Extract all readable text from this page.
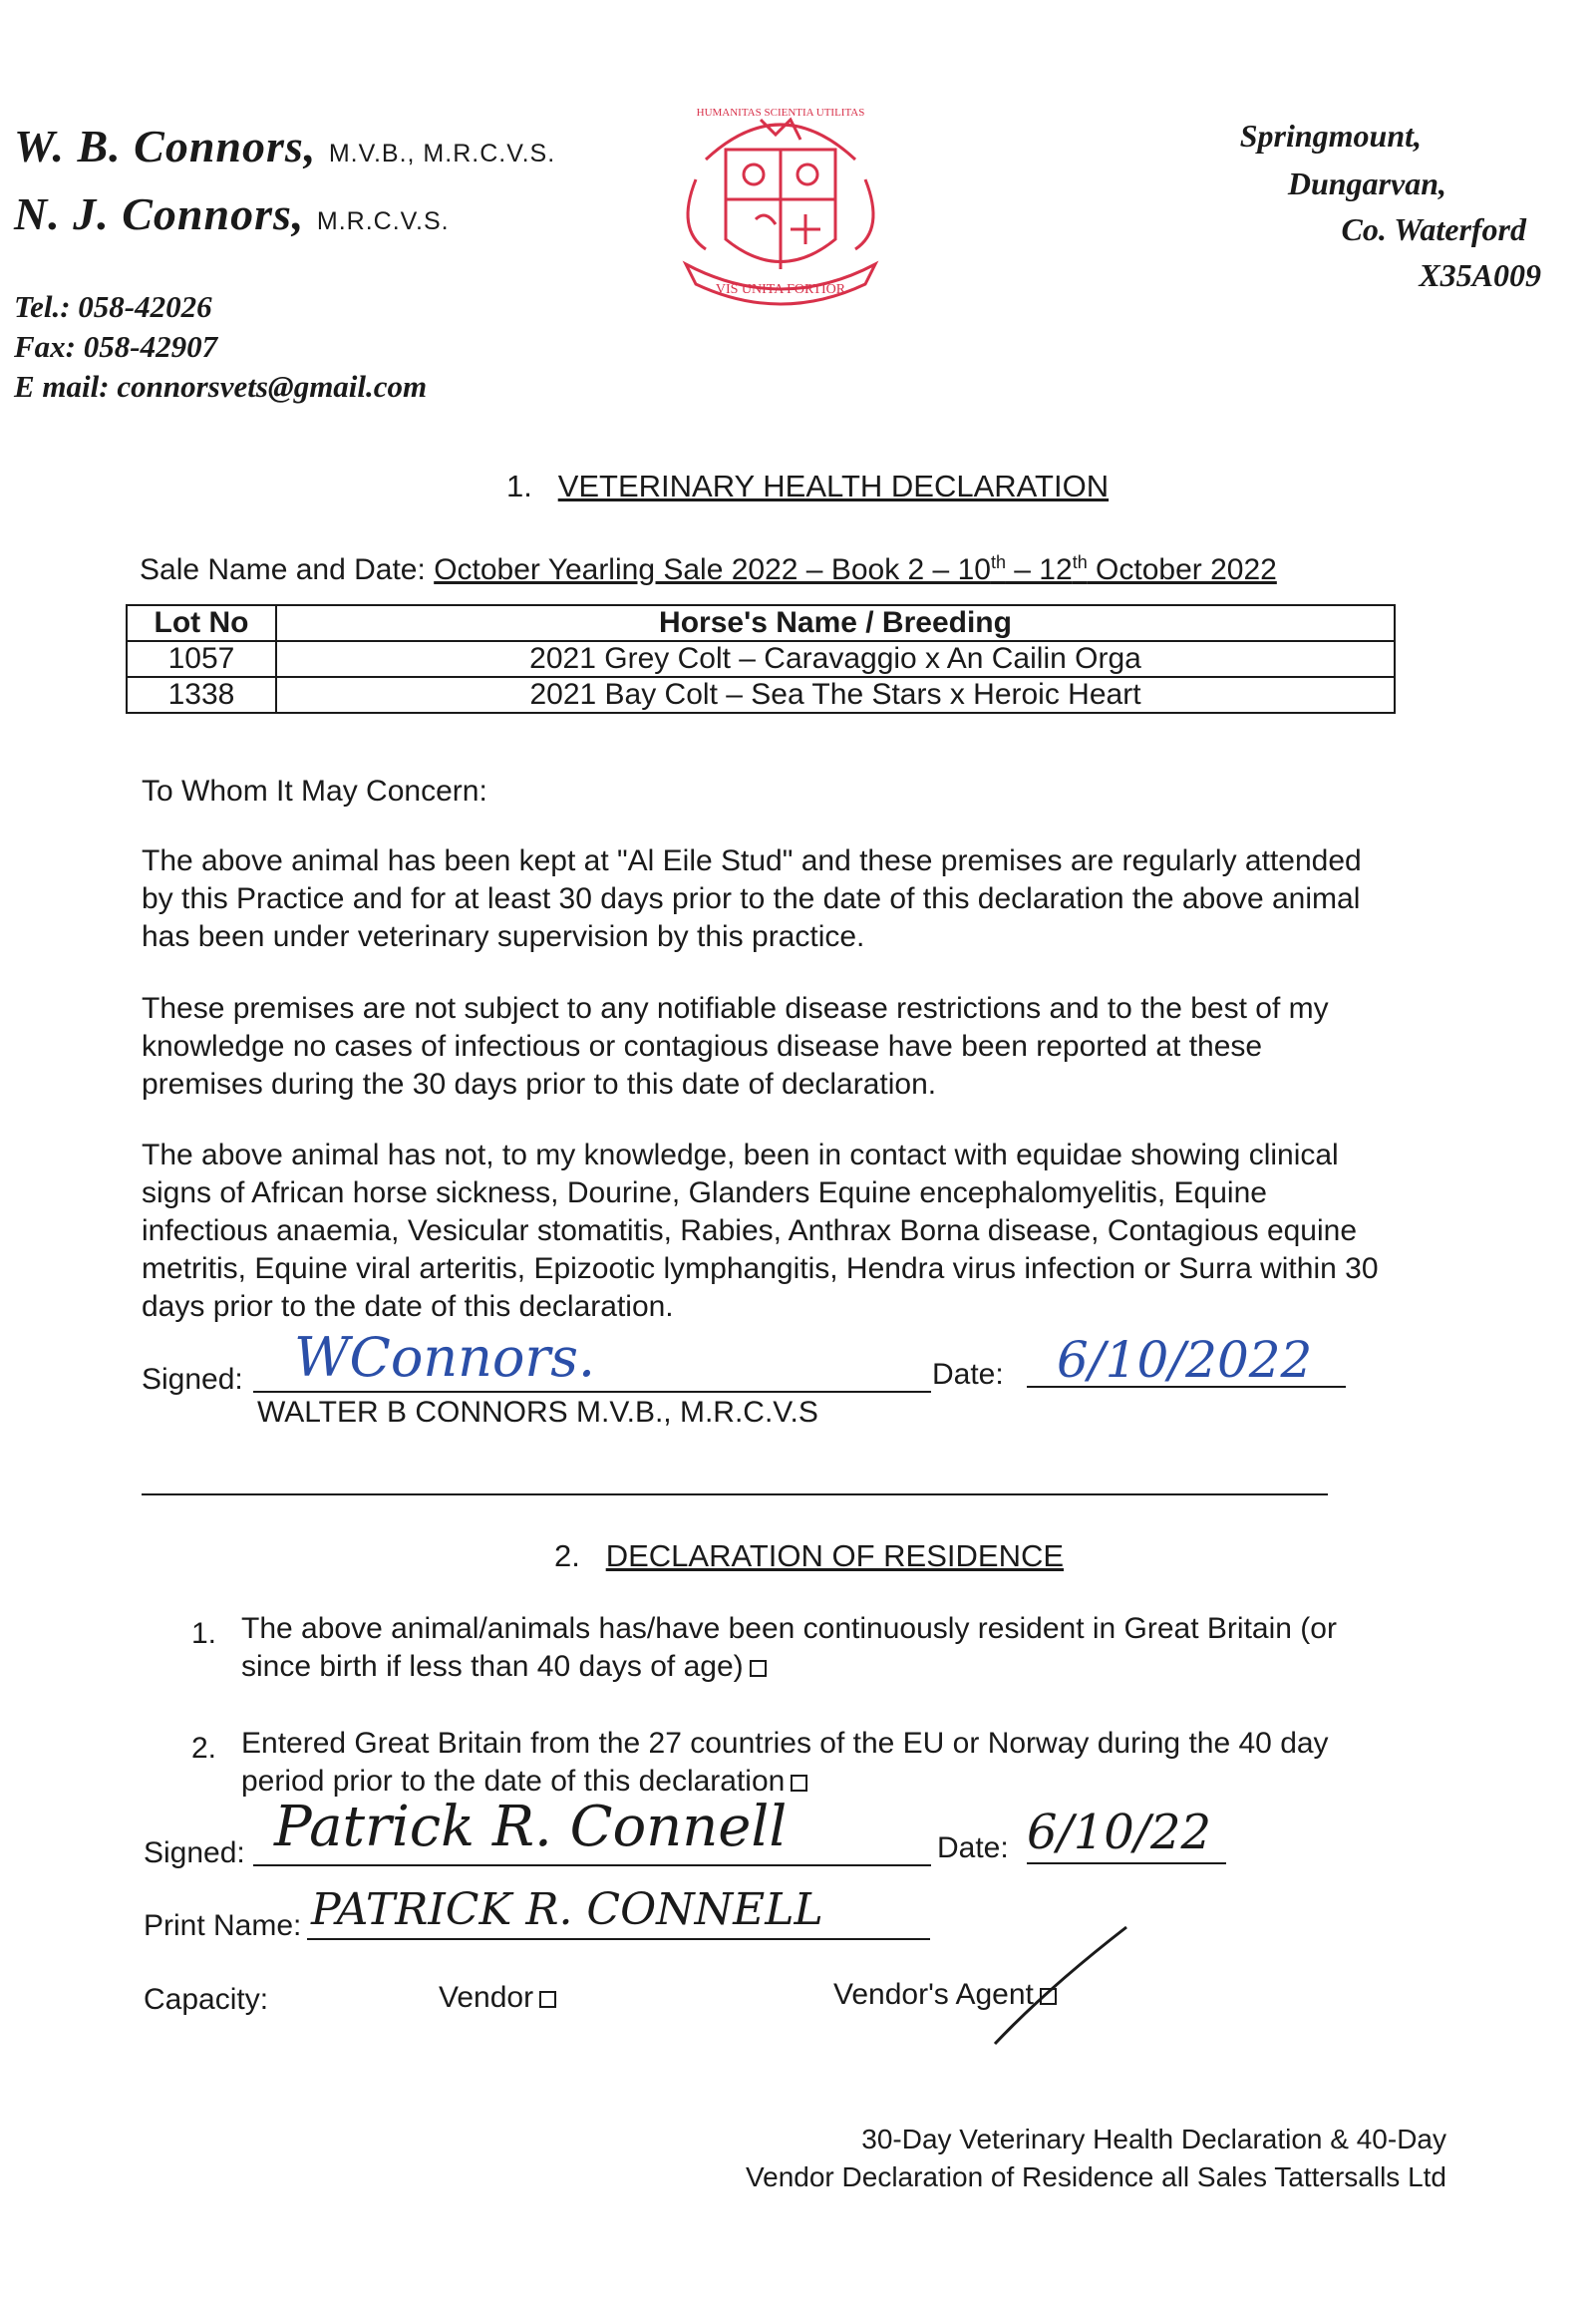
W. B. Connors, M.V.B., M.R.C.V.S.
N. J. Connors, M.R.C.V.S.
Tel.: 058-42026
Fax: 058-42907
E mail: connorsvets@gmail.com
VIS UNITA FORTIOR
HUMANITAS SCIENTIA UTILITAS
Springmount,
Dungarvan,
Co. Waterford
X35A009
1. VETERINARY HEALTH DECLARATION
Sale Name and Date: October Yearling Sale 2022 – Book 2 – 10th – 12th October 2022
Lot No	Horse's Name / Breeding
1057	2021 Grey Colt – Caravaggio x An Cailin Orga
1338	2021 Bay Colt – Sea The Stars x Heroic Heart
To Whom It May Concern:
The above animal has been kept at "Al Eile Stud" and these premises are regularly attended by this Practice and for at least 30 days prior to the date of this declaration the above animal has been under veterinary supervision by this practice.
These premises are not subject to any notifiable disease restrictions and to the best of my knowledge no cases of infectious or contagious disease have been reported at these premises during the 30 days prior to this date of declaration.
The above animal has not, to my knowledge, been in contact with equidae showing clinical signs of African horse sickness, Dourine, Glanders Equine encephalomyelitis, Equine infectious anaemia, Vesicular stomatitis, Rabies, Anthrax Borna disease, Contagious equine metritis, Equine viral arteritis, Epizootic lymphangitis, Hendra virus infection or Surra within 30 days prior to the date of this declaration.
Signed: WConnors.	Date: 6/10/2022
WALTER B CONNORS M.V.B., M.R.C.V.S
2. DECLARATION OF RESIDENCE
1. The above animal/animals has/have been continuously resident in Great Britain (or since birth if less than 40 days of age)
2. Entered Great Britain from the 27 countries of the EU or Norway during the 40 day period prior to the date of this declaration
Signed: Patrick R. Connell	Date: 6/10/22
Print Name: PATRICK R. CONNELL
Capacity:	Vendor	Vendor's Agent
30-Day Veterinary Health Declaration & 40-Day
Vendor Declaration of Residence all Sales Tattersalls Ltd
